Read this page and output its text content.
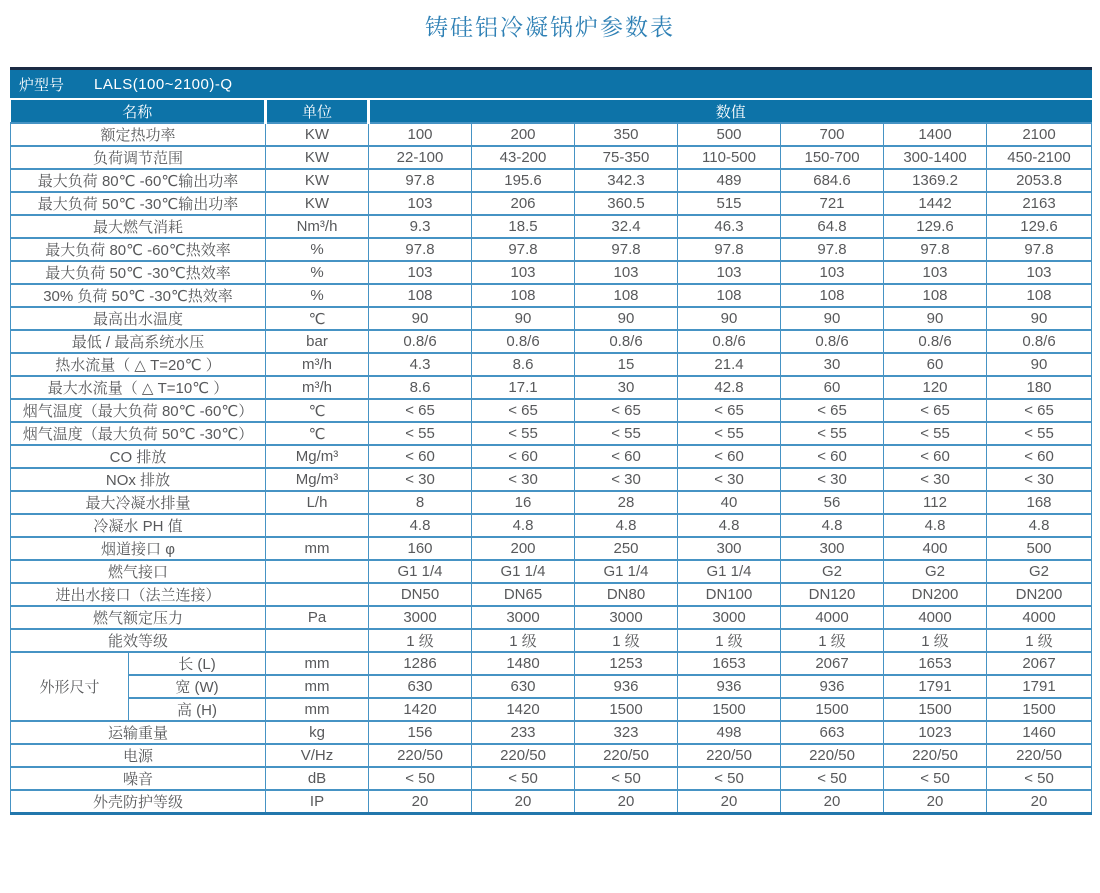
铸硅铝冷凝锅炉参数表
炉型号	LALS(100~2100)-Q
名称		单位	数值						
额定热功率		KW	100	200	350	500	700	1400	2100
负荷调节范围		KW	22-100	43-200	75-350	110-500	150-700	300-1400	450-2100
最大负荷 80℃ -60℃输出功率		KW	97.8	195.6	342.3	489	684.6	1369.2	2053.8
最大负荷 50℃ -30℃输出功率		KW	103	206	360.5	515	721	1442	2163
最大燃气消耗		Nm³/h	9.3	18.5	32.4	46.3	64.8	129.6	129.6
最大负荷 80℃ -60℃热效率		%	97.8	97.8	97.8	97.8	97.8	97.8	97.8
最大负荷 50℃ -30℃热效率		%	103	103	103	103	103	103	103
30% 负荷 50℃ -30℃热效率		%	108	108	108	108	108	108	108
最高出水温度		℃	90	90	90	90	90	90	90
最低 / 最高系统水压		bar	0.8/6	0.8/6	0.8/6	0.8/6	0.8/6	0.8/6	0.8/6
热水流量（ △ T=20℃ ）		m³/h	4.3	8.6	15	21.4	30	60	90
最大水流量（ △ T=10℃ ）		m³/h	8.6	17.1	30	42.8	60	120	180
烟气温度（最大负荷 80℃ -60℃）		℃	< 65	< 65	< 65	< 65	< 65	< 65	< 65
烟气温度（最大负荷 50℃ -30℃）		℃	< 55	< 55	< 55	< 55	< 55	< 55	< 55
CO 排放		Mg/m³	< 60	< 60	< 60	< 60	< 60	< 60	< 60
NOx 排放		Mg/m³	< 30	< 30	< 30	< 30	< 30	< 30	< 30
最大冷凝水排量		L/h	8	16	28	40	56	112	168
冷凝水 PH 值			4.8	4.8	4.8	4.8	4.8	4.8	4.8
烟道接口 φ		mm	160	200	250	300	300	400	500
燃气接口			G1 1/4	G1 1/4	G1 1/4	G1 1/4	G2	G2	G2
进出水接口（法兰连接）			DN50	DN65	DN80	DN100	DN120	DN200	DN200
燃气额定压力		Pa	3000	3000	3000	3000	4000	4000	4000
能效等级			1 级	1 级	1 级	1 级	1 级	1 级	1 级
外形尺寸	长 (L)	mm	1286	1480	1253	1653	2067	1653	2067
	宽 (W)	mm	630	630	936	936	936	1791	1791
	高 (H)	mm	1420	1420	1500	1500	1500	1500	1500
运输重量		kg	156	233	323	498	663	1023	1460
电源		V/Hz	220/50	220/50	220/50	220/50	220/50	220/50	220/50
噪音		dB	< 50	< 50	< 50	< 50	< 50	< 50	< 50
外壳防护等级		IP	20	20	20	20	20	20	20
